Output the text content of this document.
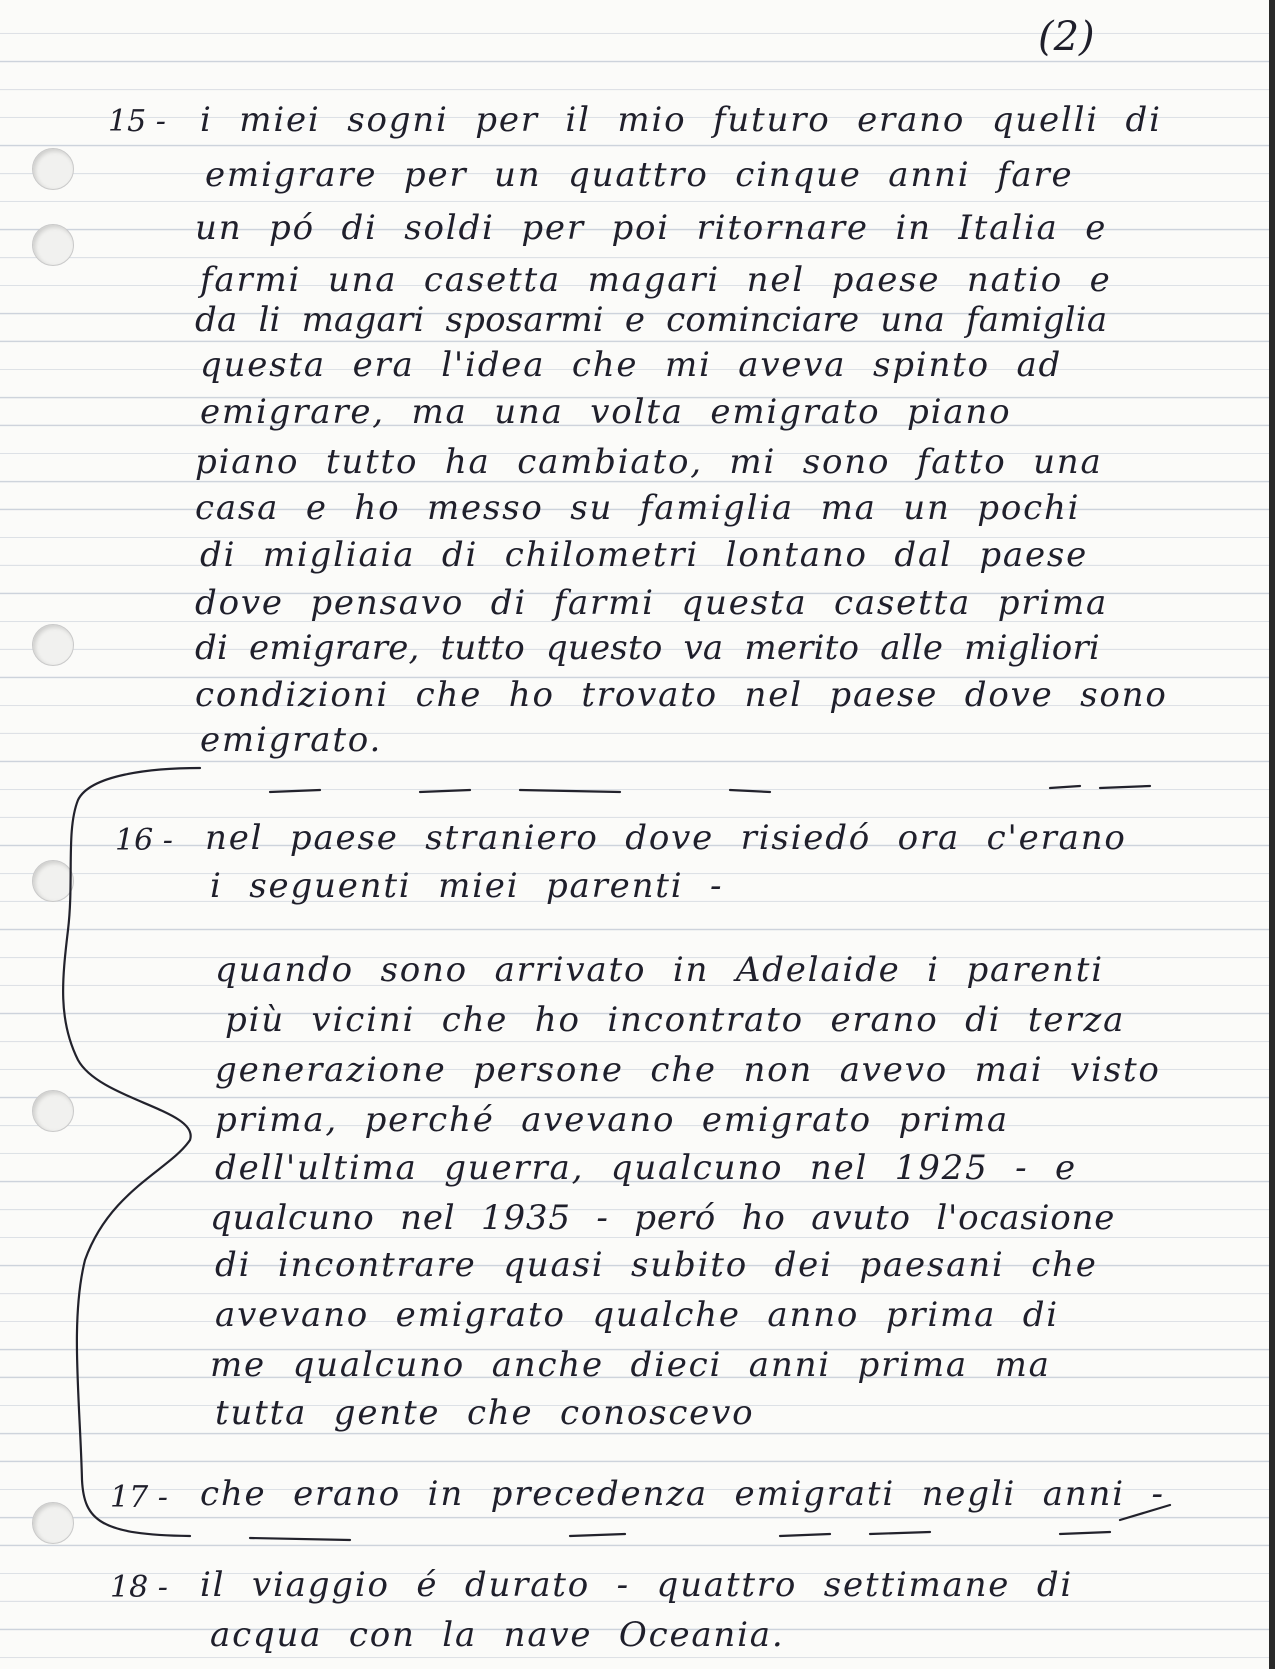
(2)
15 - i miei sogni per il mio futuro erano quelli di
emigrare per un quattro cinque anni fare
un pó di soldi per poi ritornare in Italia e
farmi una casetta magari nel paese natio e
da li magari sposarmi e cominciare una famiglia
questa era l'idea che mi aveva spinto ad
emigrare, ma una volta emigrato piano
piano tutto ha cambiato, mi sono fatto una
casa e ho messo su famiglia ma un pochi
di migliaia di chilometri lontano dal paese
dove pensavo di farmi questa casetta prima
di emigrare, tutto questo va merito alle migliori
condizioni che ho trovato nel paese dove sono
emigrato.
16 - nel paese straniero dove risiedó ora c'erano
i seguenti miei parenti -
quando sono arrivato in Adelaide i parenti
più vicini che ho incontrato erano di terza
generazione persone che non avevo mai visto
prima, perché avevano emigrato prima
dell'ultima guerra, qualcuno nel 1925 - e
qualcuno nel 1935 - peró ho avuto l'ocasione
di incontrare quasi subito dei paesani che
avevano emigrato qualche anno prima di
me qualcuno anche dieci anni prima ma
tutta gente che conoscevo
17 - che erano in precedenza emigrati negli anni -
18 - il viaggio é durato - quattro settimane di
acqua con la nave Oceania.
